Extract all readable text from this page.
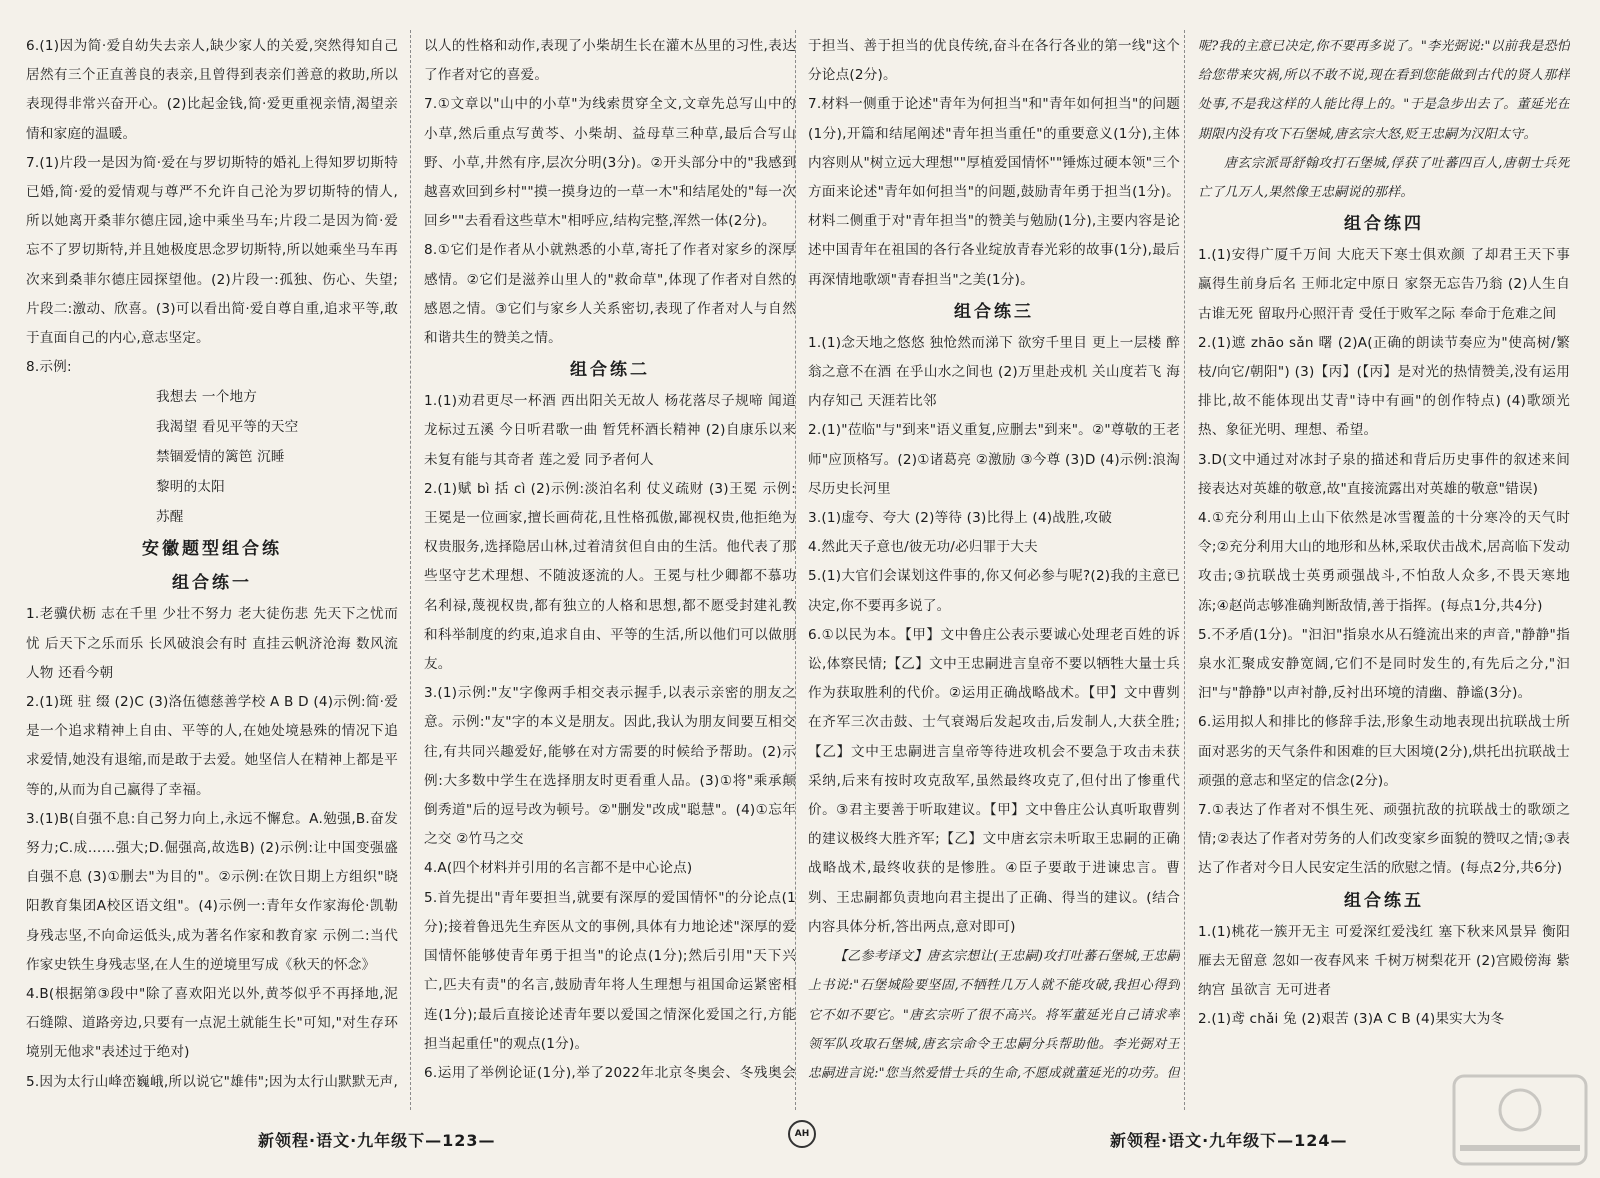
6.(1)因为简·爱自幼失去亲人,缺少家人的关爱,突然得知自己居然有三个正直善良的表亲,且曾得到表亲们善意的救助,所以表现得非常兴奋开心。(2)比起金钱,简·爱更重视亲情,渴望亲情和家庭的温暖。

7.(1)片段一是因为简·爱在与罗切斯特的婚礼上得知罗切斯特已婚,简·爱的爱情观与尊严不允许自己沦为罗切斯特的情人,所以她离开桑菲尔德庄园,途中乘坐马车;片段二是因为简·爱忘不了罗切斯特,并且她极度思念罗切斯特,所以她乘坐马车再次来到桑菲尔德庄园探望他。(2)片段一:孤独、伤心、失望;片段二:激动、欣喜。(3)可以看出简·爱自尊自重,追求平等,敢于直面自己的内心,意志坚定。

8.示例:

我想去 一个地方

我渴望 看见平等的天空

禁锢爱情的篱笆 沉睡

黎明的太阳

苏醒

安徽题型组合练

组合练一

1.老骥伏枥 志在千里 少壮不努力 老大徒伤悲 先天下之忧而忧 后天下之乐而乐 长风破浪会有时 直挂云帆济沧海 数风流人物 还看今朝

2.(1)斑 驻 缀 (2)C (3)洛伍德慈善学校 A B D (4)示例:简·爱是一个追求精神上自由、平等的人,在她处境悬殊的情况下追求爱情,她没有退缩,而是敢于去爱。她坚信人在精神上都是平等的,从而为自己赢得了幸福。

3.(1)B(自强不息:自己努力向上,永远不懈怠。A.勉强,B.奋发努力;C.成……强大;D.倔强高,故选B) (2)示例:让中国变强盛自强不息 (3)①删去"为目的"。②示例:在饮日期上方组织"晓阳教育集团A校区语文组"。(4)示例一:青年女作家海伦·凯勒身残志坚,不向命运低头,成为著名作家和教育家 示例二:当代作家史铁生身残志坚,在人生的逆境里写成《秋天的怀念》

4.B(根据第③段中"除了喜欢阳光以外,黄芩似乎不再择地,泥石缝隙、道路旁边,只要有一点泥土就能生长"可知,"对生存环境别无他求"表述过于绝对)

5.因为太行山峰峦巍峨,所以说它"雄伟";因为太行山默默无声,

以人的性格和动作,表现了小柴胡生长在灌木丛里的习性,表达了作者对它的喜爱。

7.①文章以"山中的小草"为线索贯穿全文,文章先总写山中的小草,然后重点写黄芩、小柴胡、益母草三种草,最后合写山野、小草,井然有序,层次分明(3分)。②开头部分中的"我感到越喜欢回到乡村""摸一摸身边的一草一木"和结尾处的"每一次回乡""去看看这些草木"相呼应,结构完整,浑然一体(2分)。

8.①它们是作者从小就熟悉的小草,寄托了作者对家乡的深厚感情。②它们是滋养山里人的"救命草",体现了作者对自然的感恩之情。③它们与家乡人关系密切,表现了作者对人与自然和谐共生的赞美之情。

组合练二

1.(1)劝君更尽一杯酒 西出阳关无故人 杨花落尽子规啼 闻道龙标过五溪 今日听君歌一曲 暂凭杯酒长精神 (2)自康乐以来 未复有能与其奇者 莲之爱 同予者何人

2.(1)赋 bì 括 cì (2)示例:淡泊名利 仗义疏财 (3)王冕 示例:王冕是一位画家,擅长画荷花,且性格孤傲,鄙视权贵,他拒绝为权贵服务,选择隐居山林,过着清贫但自由的生活。他代表了那些坚守艺术理想、不随波逐流的人。王冕与杜少卿都不慕功名利禄,蔑视权贵,都有独立的人格和思想,都不愿受封建礼教和科举制度的约束,追求自由、平等的生活,所以他们可以做朋友。

3.(1)示例:"友"字像两手相交表示握手,以表示亲密的朋友之意。示例:"友"字的本义是朋友。因此,我认为朋友间要互相交往,有共同兴趣爱好,能够在对方需要的时候给予帮助。(2)示例:大多数中学生在选择朋友时更看重人品。(3)①将"乘承颠倒秀道"后的逗号改为顿号。②"删发"改成"聪慧"。(4)①忘年之交 ②竹马之交

4.A(四个材料并引用的名言都不是中心论点)

5.首先提出"青年要担当,就要有深厚的爱国情怀"的分论点(1分);接着鲁迅先生弃医从文的事例,具体有力地论述"深厚的爱国情怀能够使青年勇于担当"的论点(1分);然后引用"天下兴亡,匹夫有责"的名言,鼓励青年将人生理想与祖国命运紧密相连(1分);最后直接论述青年要以爱国之情深化爱国之行,方能担当起重任"的观点(1分)。

6.运用了举例论证(1分),举了2022年北京冬奥会、冬残奥会

于担当、善于担当的优良传统,奋斗在各行各业的第一线"这个分论点(2分)。

7.材料一侧重于论述"青年为何担当"和"青年如何担当"的问题(1分),开篇和结尾阐述"青年担当重任"的重要意义(1分),主体内容则从"树立远大理想""厚植爱国情怀""锤炼过硬本领"三个方面来论述"青年如何担当"的问题,鼓励青年勇于担当(1分)。材料二侧重于对"青年担当"的赞美与勉励(1分),主要内容是论述中国青年在祖国的各行各业绽放青春光彩的故事(1分),最后再深情地歌颂"青春担当"之美(1分)。

组合练三

1.(1)念天地之悠悠 独怆然而涕下 欲穷千里目 更上一层楼 醉翁之意不在酒 在乎山水之间也 (2)万里赴戎机 关山度若飞 海内存知己 天涯若比邻

2.(1)"莅临"与"到来"语义重复,应删去"到来"。②"尊敬的王老师"应顶格写。(2)①诸葛亮 ②激励 ③今尊 (3)D (4)示例:浪淘尽历史长河里

3.(1)虚夸、夸大 (2)等待 (3)比得上 (4)战胜,攻破

4.然此天子意也/彼无功/必归罪于大夫

5.(1)大官们会谋划这件事的,你又何必参与呢?(2)我的主意已决定,你不要再多说了。

6.①以民为本。【甲】文中鲁庄公表示要诚心处理老百姓的诉讼,体察民情;【乙】文中王忠嗣进言皇帝不要以牺牲大量士兵作为获取胜利的代价。②运用正确战略战术。【甲】文中曹刿在齐军三次击鼓、士气衰竭后发起攻击,后发制人,大获全胜;【乙】文中王忠嗣进言皇帝等待进攻机会不要急于攻击未获采纳,后来有按时攻克敌军,虽然最终攻克了,但付出了惨重代价。③君主要善于听取建议。【甲】文中鲁庄公认真听取曹刿的建议极终大胜齐军;【乙】文中唐玄宗未听取王忠嗣的正确战略战术,最终收获的是惨胜。④臣子要敢于进谏忠言。曹刿、王忠嗣都负责地向君主提出了正确、得当的建议。(结合内容具体分析,答出两点,意对即可)

【乙参考译文】唐玄宗想让(王忠嗣)攻打吐蕃石堡城,王忠嗣上书说:"石堡城险要坚固,不牺牲几万人就不能攻破,我担心得到它不如不要它。"唐玄宗听了很不高兴。将军董延光自己请求率领军队攻取石堡城,唐玄宗命令王忠嗣分兵帮助他。李光弼对王忠嗣进言说:"您当然爱惜士兵的生命,不愿成就董延光的功劳。但

呢?我的主意已决定,你不要再多说了。"李光弼说:"以前我是恐怕给您带来灾祸,所以不敢不说,现在看到您能做到古代的贤人那样处事,不是我这样的人能比得上的。"于是急步出去了。董延光在期限内没有攻下石堡城,唐玄宗大怒,贬王忠嗣为汉阳太守。

唐玄宗派哥舒翰攻打石堡城,俘获了吐蕃四百人,唐朝士兵死亡了几万人,果然像王忠嗣说的那样。

组合练四

1.(1)安得广厦千万间 大庇天下寒士俱欢颜 了却君王天下事 赢得生前身后名 王师北定中原日 家祭无忘告乃翁 (2)人生自古谁无死 留取丹心照汗青 受任于败军之际 奉命于危难之间

2.(1)遮 zhāo sǎn 曙 (2)A(正确的朗读节奏应为"使高树/繁枝/向它/朝阳") (3)【丙】(【丙】是对光的热情赞美,没有运用排比,故不能体现出艾青"诗中有画"的创作特点) (4)歌颂光热、象征光明、理想、希望。

3.D(文中通过对冰封子泉的描述和背后历史事件的叙述来间接表达对英雄的敬意,故"直接流露出对英雄的敬意"错误)

4.①充分利用山上山下依然是冰雪覆盖的十分寒冷的天气时令;②充分利用大山的地形和丛林,采取伏击战术,居高临下发动攻击;③抗联战士英勇顽强战斗,不怕敌人众多,不畏天寒地冻;④赵尚志够准确判断敌情,善于指挥。(每点1分,共4分)

5.不矛盾(1分)。"汩汩"指泉水从石缝流出来的声音,"静静"指泉水汇聚成安静宽阔,它们不是同时发生的,有先后之分,"汩汩"与"静静"以声衬静,反衬出环境的清幽、静谧(3分)。

6.运用拟人和排比的修辞手法,形象生动地表现出抗联战士所面对恶劣的天气条件和困难的巨大困境(2分),烘托出抗联战士顽强的意志和坚定的信念(2分)。

7.①表达了作者对不惧生死、顽强抗敌的抗联战士的歌颂之情;②表达了作者对劳务的人们改变家乡面貌的赞叹之情;③表达了作者对今日人民安定生活的欣慰之情。(每点2分,共6分)

组合练五

1.(1)桃花一簇开无主 可爱深红爱浅红 塞下秋来风景异 衡阳雁去无留意 忽如一夜春风来 千树万树梨花开 (2)宫殿傍海 紫纳宫 虽欲言 无可进者

2.(1)鸢 chǎi 兔 (2)艰苦 (3)A C B (4)果实大为冬

新领程·语文·九年级下—123—	AH	新领程·语文·九年级下—124—
